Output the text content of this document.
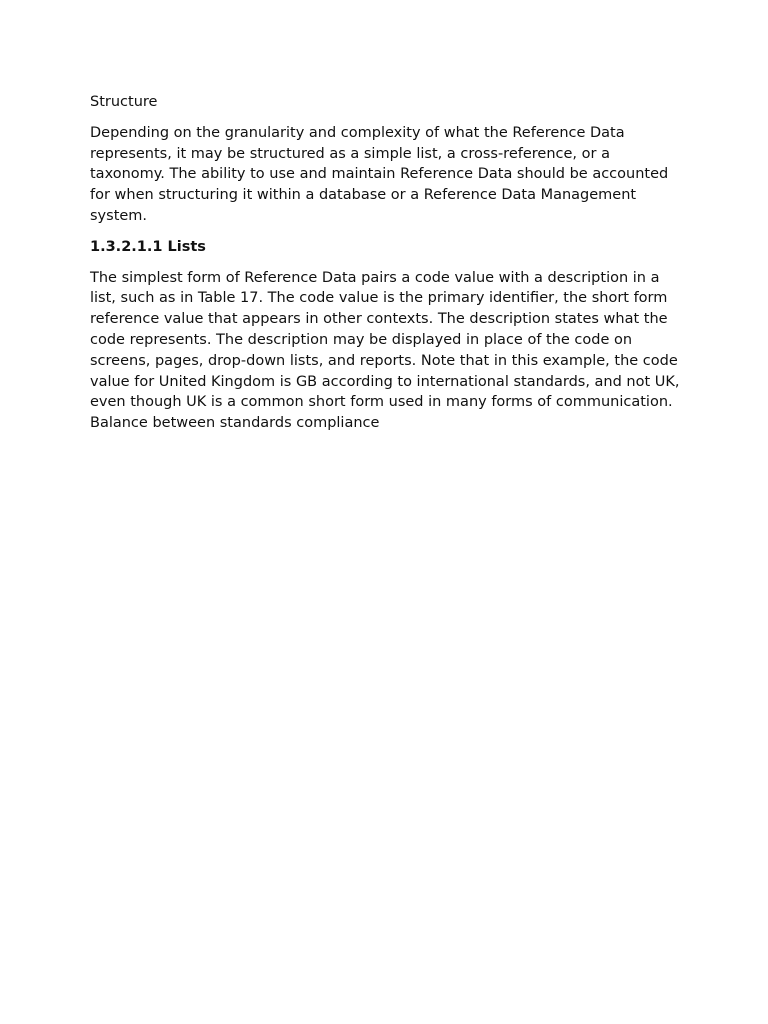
Structure

Depending on the granularity and complexity of what the Reference Data represents, it may be structured as a simple list, a cross-reference, or a taxonomy. The ability to use and maintain Reference Data should be accounted for when structuring it within a database or a Reference Data Management system.

1.3.2.1.1 Lists

The simplest form of Reference Data pairs a code value with a description in a list, such as in Table 17. The code value is the primary identifier, the short form reference value that appears in other contexts. The description states what the code represents. The description may be displayed in place of the code on screens, pages, drop-down lists, and reports. Note that in this example, the code value for United Kingdom is GB according to international standards, and not UK, even though UK is a common short form used in many forms of communication. Balance between standards compliance
